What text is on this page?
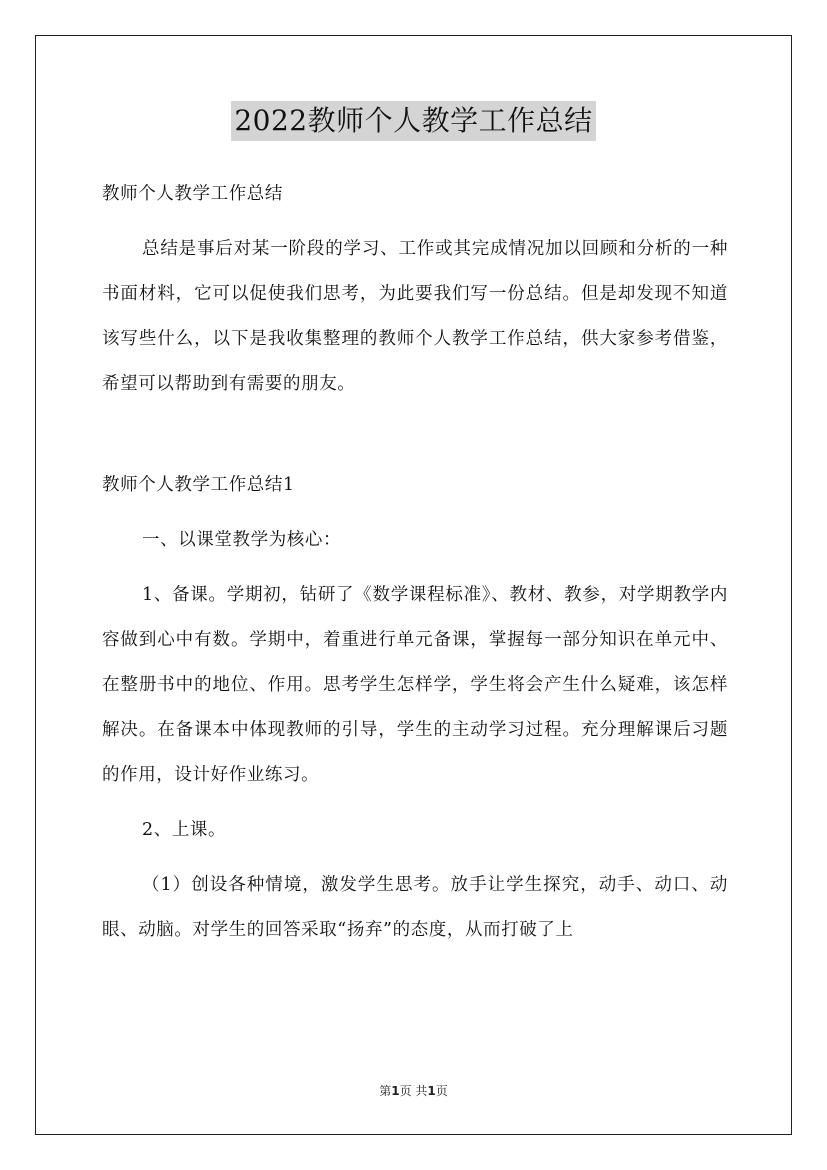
2022教师个人教学工作总结

教师个人教学工作总结

总结是事后对某一阶段的学习、工作或其完成情况加以回顾和分析的一种书面材料，它可以促使我们思考，为此要我们写一份总结。但是却发现不知道该写些什么，以下是我收集整理的教师个人教学工作总结，供大家参考借鉴，希望可以帮助到有需要的朋友。

教师个人教学工作总结1

一、以课堂教学为核心：

1、备课。学期初，钻研了《数学课程标准》、教材、教参，对学期教学内容做到心中有数。学期中，着重进行单元备课，掌握每一部分知识在单元中、在整册书中的地位、作用。思考学生怎样学，学生将会产生什么疑难，该怎样解决。在备课本中体现教师的引导，学生的主动学习过程。充分理解课后习题的作用，设计好作业练习。

2、上课。

（1）创设各种情境，激发学生思考。放手让学生探究，动手、动口、动眼、动脑。对学生的回答采取“扬弃”的态度，从而打破了上

第1页 共1页
